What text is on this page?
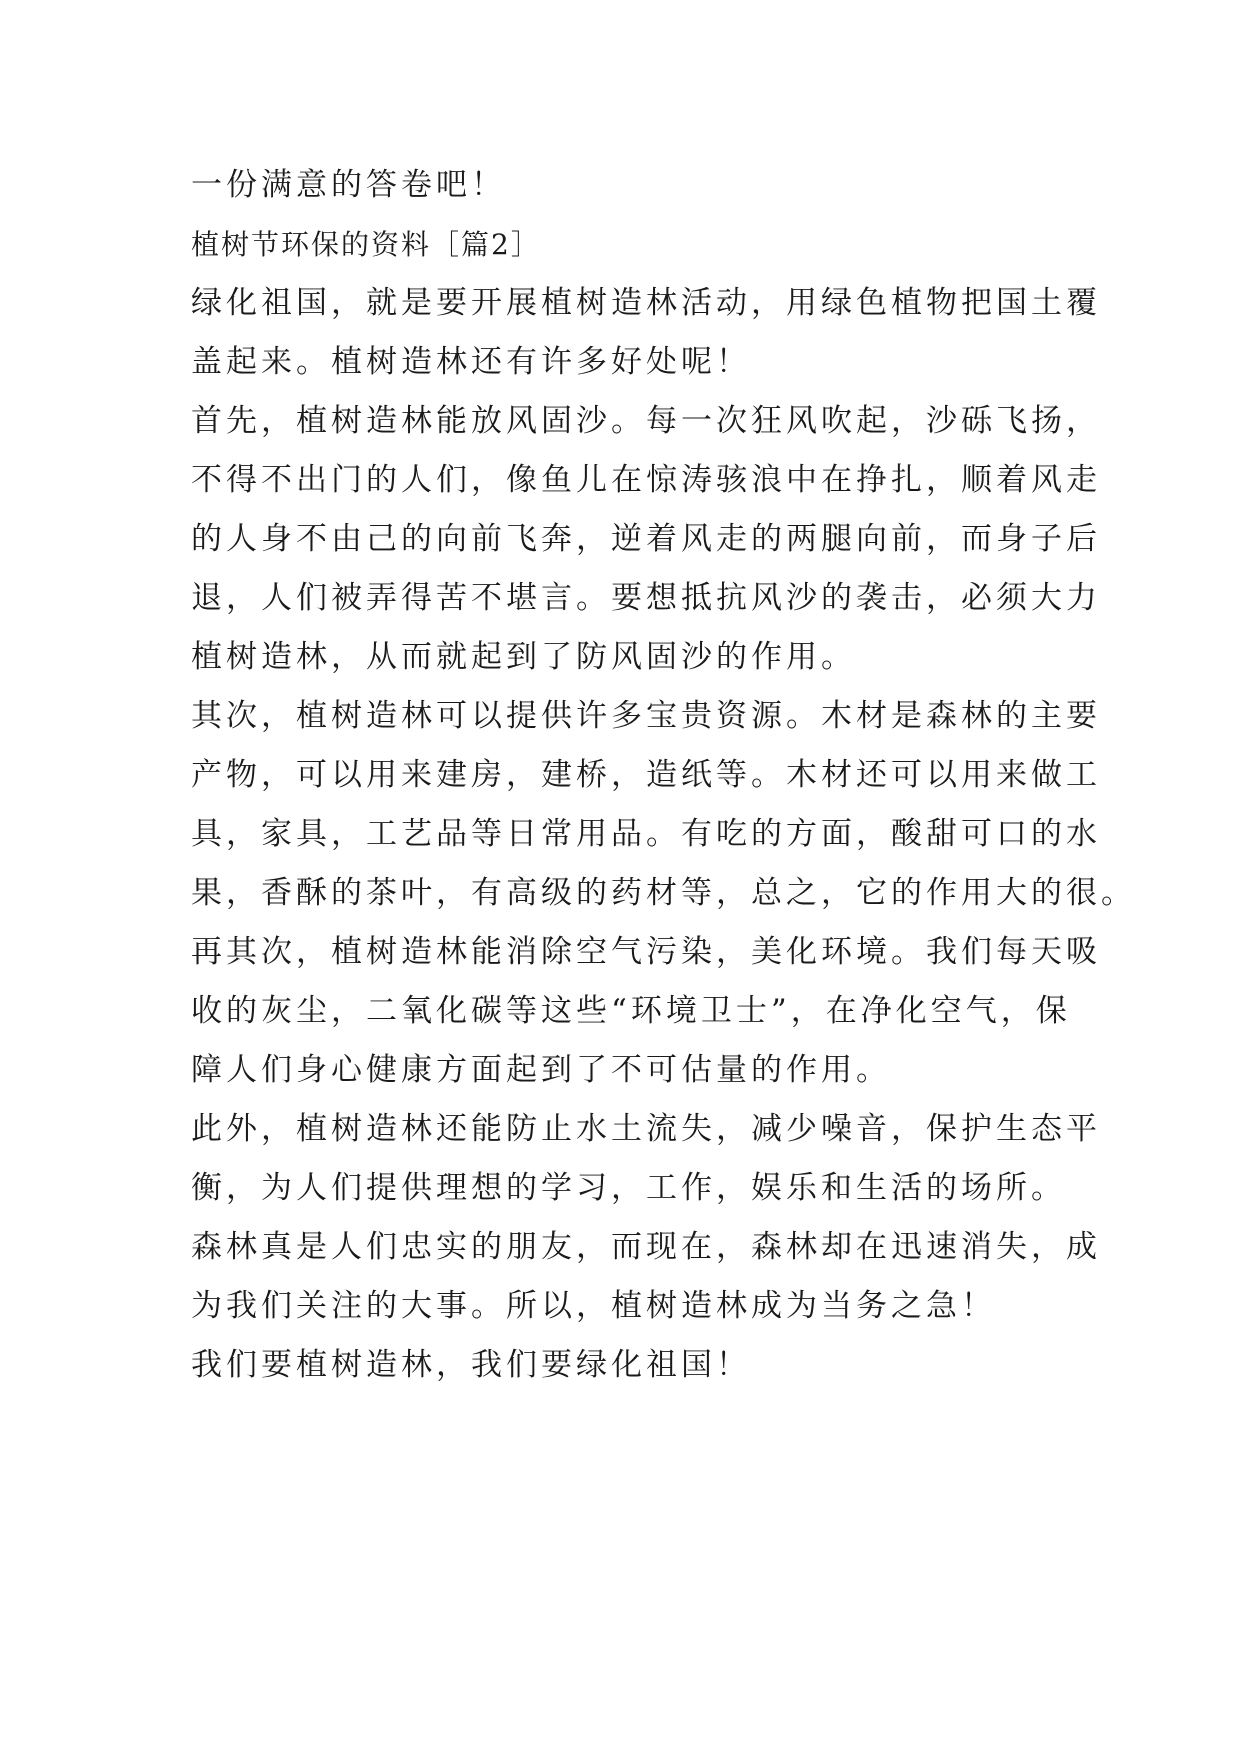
一份满意的答卷吧！
植树节环保的资料［篇2］
绿化祖国，就是要开展植树造林活动，用绿色植物把国土覆
盖起来。植树造林还有许多好处呢！
首先，植树造林能放风固沙。每一次狂风吹起，沙砾飞扬，
不得不出门的人们，像鱼儿在惊涛骇浪中在挣扎，顺着风走
的人身不由己的向前飞奔，逆着风走的两腿向前，而身子后
退，人们被弄得苦不堪言。要想抵抗风沙的袭击，必须大力
植树造林，从而就起到了防风固沙的作用。
其次，植树造林可以提供许多宝贵资源。木材是森林的主要
产物，可以用来建房，建桥，造纸等。木材还可以用来做工
具，家具，工艺品等日常用品。有吃的方面，酸甜可口的水
果，香酥的茶叶，有高级的药材等，总之，它的作用大的很。
再其次，植树造林能消除空气污染，美化环境。我们每天吸
收的灰尘，二氧化碳等这些“环境卫士”，在净化空气，保
障人们身心健康方面起到了不可估量的作用。
此外，植树造林还能防止水土流失，减少噪音，保护生态平
衡，为人们提供理想的学习，工作，娱乐和生活的场所。
森林真是人们忠实的朋友，而现在，森林却在迅速消失，成
为我们关注的大事。所以，植树造林成为当务之急！
我们要植树造林，我们要绿化祖国！
